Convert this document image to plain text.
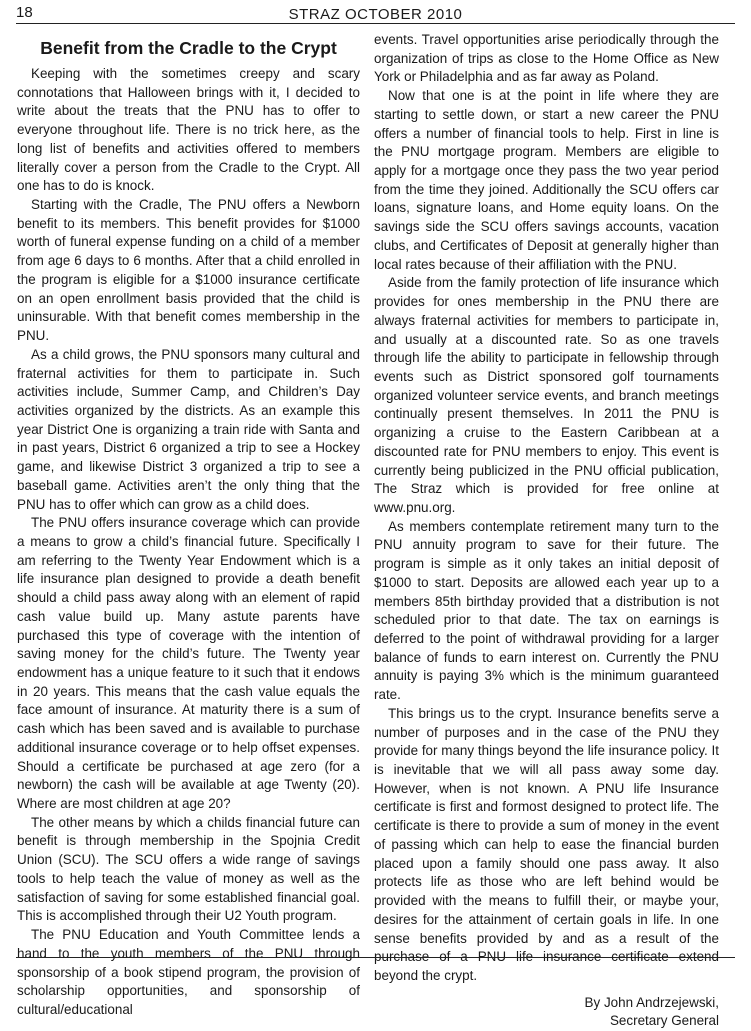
18	STRAZ OCTOBER 2010
Benefit from the Cradle to the Crypt

Keeping with the sometimes creepy and scary connotations that Halloween brings with it, I decided to write about the treats that the PNU has to offer to everyone throughout life. There is no trick here, as the long list of benefits and activities offered to members literally cover a person from the Cradle to the Crypt. All one has to do is knock.

Starting with the Cradle, The PNU offers a Newborn benefit to its members. This benefit provides for $1000 worth of funeral expense funding on a child of a member from age 6 days to 6 months. After that a child enrolled in the program is eligible for a $1000 insurance certificate on an open enrollment basis provided that the child is uninsurable. With that benefit comes membership in the PNU.

As a child grows, the PNU sponsors many cultural and fraternal activities for them to participate in. Such activities include, Summer Camp, and Children’s Day activities organized by the districts. As an example this year District One is organizing a train ride with Santa and in past years, District 6 organized a trip to see a Hockey game, and likewise District 3 organized a trip to see a baseball game. Activities aren’t the only thing that the PNU has to offer which can grow as a child does.

The PNU offers insurance coverage which can provide a means to grow a child’s financial future. Specifically I am referring to the Twenty Year Endowment which is a life insurance plan designed to provide a death benefit should a child pass away along with an element of rapid cash value build up. Many astute parents have purchased this type of coverage with the intention of saving money for the child’s future. The Twenty year endowment has a unique feature to it such that it endows in 20 years. This means that the cash value equals the face amount of insurance. At maturity there is a sum of cash which has been saved and is available to purchase additional insurance coverage or to help offset expenses. Should a certificate be purchased at age zero (for a newborn) the cash will be available at age Twenty (20). Where are most children at age 20?

The other means by which a childs financial future can benefit is through membership in the Spojnia Credit Union (SCU). The SCU offers a wide range of savings tools to help teach the value of money as well as the satisfaction of saving for some established financial goal. This is accomplished through their U2 Youth program.

The PNU Education and Youth Committee lends a hand to the youth members of the PNU through sponsorship of a book stipend program, the provision of scholarship opportunities, and sponsorship of cultural/educational

events. Travel opportunities arise periodically through the organization of trips as close to the Home Office as New York or Philadelphia and as far away as Poland.

Now that one is at the point in life where they are starting to settle down, or start a new career the PNU offers a number of financial tools to help. First in line is the PNU mortgage program. Members are eligible to apply for a mortgage once they pass the two year period from the time they joined. Additionally the SCU offers car loans, signature loans, and Home equity loans. On the savings side the SCU offers savings accounts, vacation clubs, and Certificates of Deposit at generally higher than local rates because of their affiliation with the PNU.

Aside from the family protection of life insurance which provides for ones membership in the PNU there are always fraternal activities for members to participate in, and usually at a discounted rate. So as one travels through life the ability to participate in fellowship through events such as District sponsored golf tournaments organized volunteer service events, and branch meetings continually present themselves. In 2011 the PNU is organizing a cruise to the Eastern Caribbean at a discounted rate for PNU members to enjoy. This event is currently being publicized in the PNU official publication, The Straz which is provided for free online at www.pnu.org.

As members contemplate retirement many turn to the PNU annuity program to save for their future. The program is simple as it only takes an initial deposit of $1000 to start. Deposits are allowed each year up to a members 85th birthday provided that a distribution is not scheduled prior to that date. The tax on earnings is deferred to the point of withdrawal providing for a larger balance of funds to earn interest on. Currently the PNU annuity is paying 3% which is the minimum guaranteed rate.

This brings us to the crypt. Insurance benefits serve a number of purposes and in the case of the PNU they provide for many things beyond the life insurance policy. It is inevitable that we will all pass away some day. However, when is not known. A PNU life Insurance certificate is first and formost designed to protect life. The certificate is there to provide a sum of money in the event of passing which can help to ease the financial burden placed upon a family should one pass away. It also protects life as those who are left behind would be provided with the means to fulfill their, or maybe your, desires for the attainment of certain goals in life. In one sense benefits provided by and as a result of the purchase of a PNU life insurance certificate extend beyond the crypt.

By John Andrzejewski,
Secretary General
